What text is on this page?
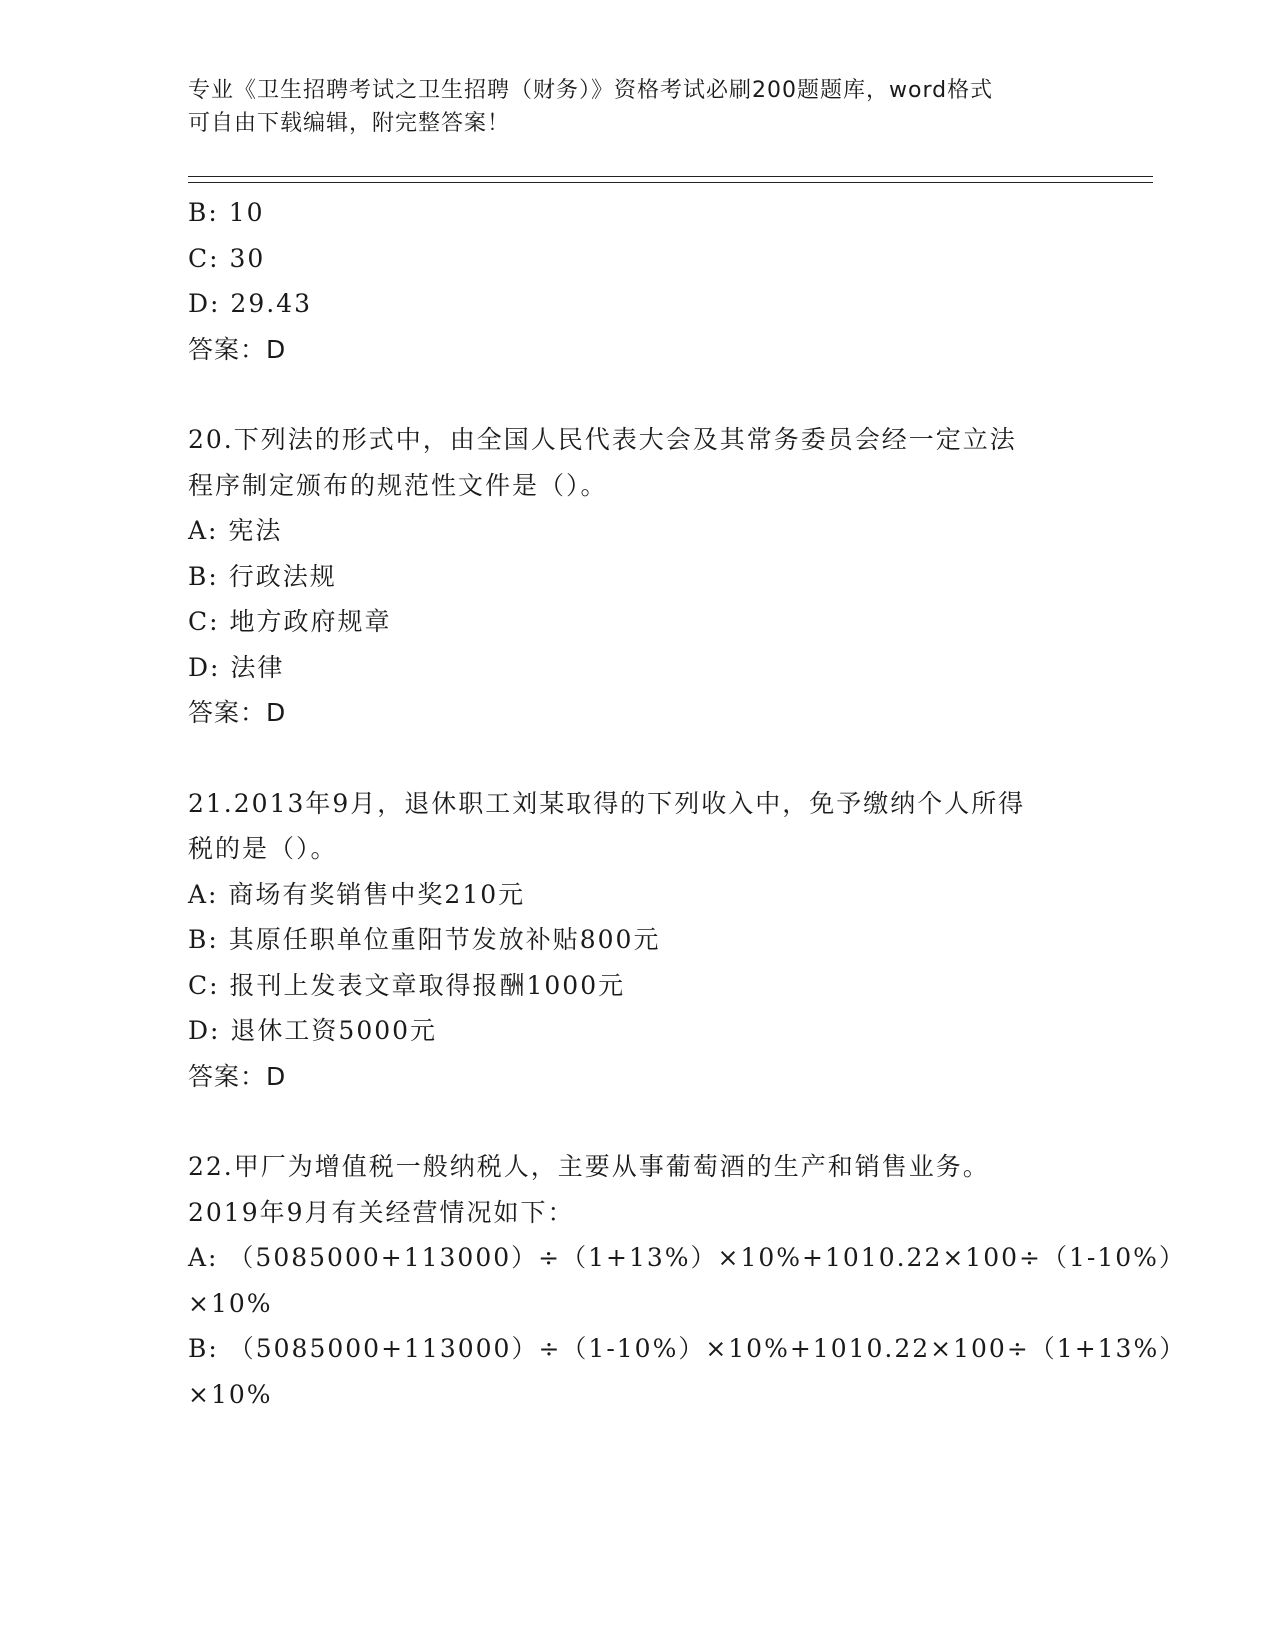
专业《卫生招聘考试之卫生招聘（财务）》资格考试必刷200题题库，word格式
可自由下载编辑，附完整答案！
B: 10
C: 30
D: 29.43
答案：D
20.下列法的形式中，由全国人民代表大会及其常务委员会经一定立法
程序制定颁布的规范性文件是（）。
A: 宪法
B: 行政法规
C: 地方政府规章
D: 法律
答案：D
21.2013年9月，退休职工刘某取得的下列收入中，免予缴纳个人所得
税的是（）。
A: 商场有奖销售中奖210元
B: 其原任职单位重阳节发放补贴800元
C: 报刊上发表文章取得报酬1000元
D: 退休工资5000元
答案：D
22.甲厂为增值税一般纳税人，主要从事葡萄酒的生产和销售业务。
2019年9月有关经营情况如下：
A: （5085000+113000）÷（1+13%）×10%+1010.22×100÷（1-10%）
×10%
B: （5085000+113000）÷（1-10%）×10%+1010.22×100÷（1+13%）
×10%
